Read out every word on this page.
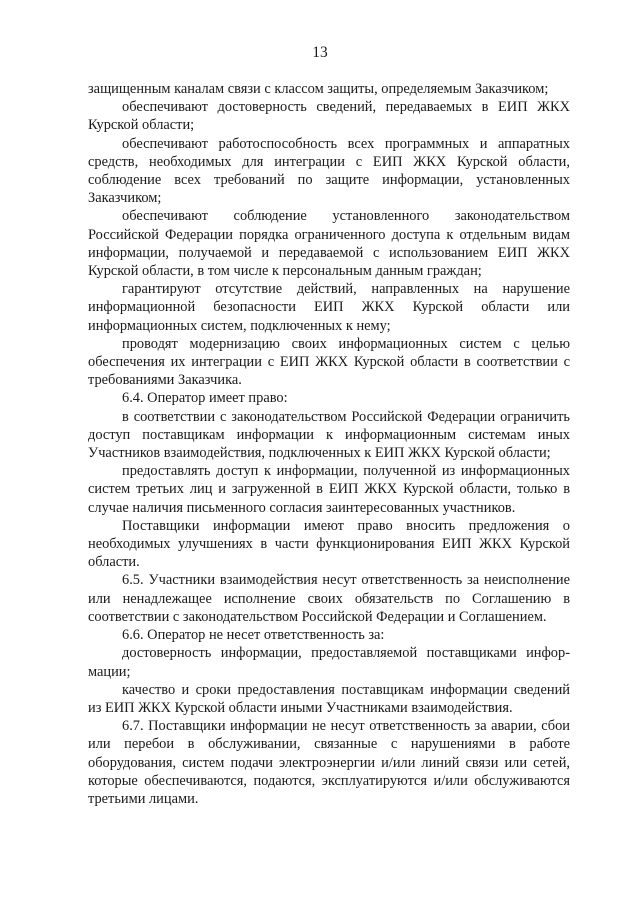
13

защищенным каналам связи с классом защиты, определяемым Заказчиком;

обеспечивают достоверность сведений, передаваемых в ЕИП ЖКХ Курской области;

обеспечивают работоспособность всех программных и аппаратных средств, необходимых для интеграции с ЕИП ЖКХ Курской области, соблюдение всех требований по защите информации, установленных Заказчиком;

обеспечивают соблюдение установленного законодательством Российской Федерации порядка ограниченного доступа к отдельным видам информации, получаемой и передаваемой с использованием ЕИП ЖКХ Курской области, в том числе к персональным данным граждан;

гарантируют отсутствие действий, направленных на нарушение информационной безопасности ЕИП ЖКХ Курской области или информационных систем, подключенных к нему;

проводят модернизацию своих информационных систем с целью обеспечения их интеграции с ЕИП ЖКХ Курской области в соответствии с требованиями Заказчика.

6.4. Оператор имеет право:

в соответствии с законодательством Российской Федерации ограничить доступ поставщикам информации к информационным системам иных Участников взаимодействия, подключенных к ЕИП ЖКХ Курской области;

предоставлять доступ к информации, полученной из информационных систем третьих лиц и загруженной в ЕИП ЖКХ Курской области, только в случае наличия письменного согласия заинтересованных участников.

Поставщики информации имеют право вносить предложения о необходимых улучшениях в части функционирования ЕИП ЖКХ Курской области.

6.5. Участники взаимодействия несут ответственность за неисполнение или ненадлежащее исполнение своих обязательств по Соглашению в соответствии с законодательством Российской Федерации и Соглашением.

6.6. Оператор не несет ответственность за:

достоверность информации, предоставляемой поставщиками информации;

качество и сроки предоставления поставщикам информации сведений из ЕИП ЖКХ Курской области иными Участниками взаимодействия.

6.7. Поставщики информации не несут ответственность за аварии, сбои или перебои в обслуживании, связанные с нарушениями в работе оборудования, систем подачи электроэнергии и/или линий связи или сетей, которые обеспечиваются, подаются, эксплуатируются и/или обслуживаются третьими лицами.
